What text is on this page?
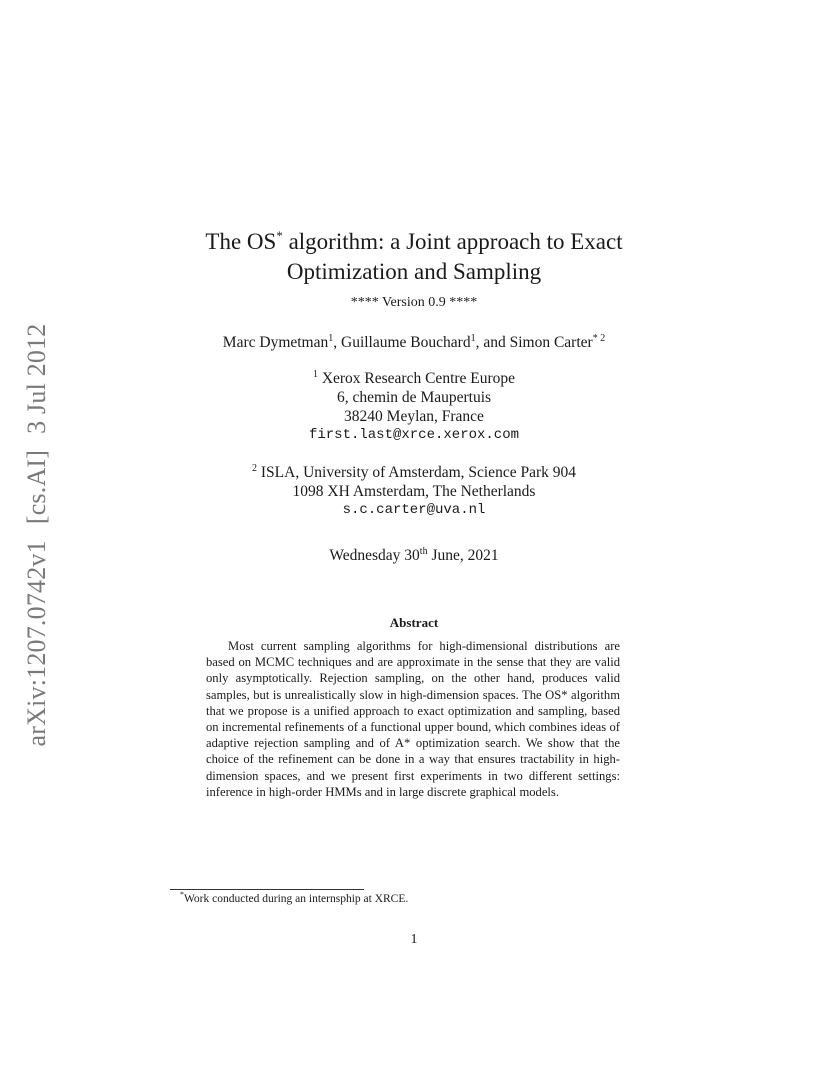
arXiv:1207.0742v1[cs.AI]3 Jul 2012
The OS* algorithm: a Joint approach to Exact
Optimization and Sampling
**** Version 0.9 ****
Marc Dymetman$^1$, Guillaume Bouchard$^1$, and Simon Carter$^{* 2}$
$^1$ Xerox Research Centre Europe
6, chemin de Maupertuis
38240 Meylan, France
first.last@xrce.xerox.com
$^2$ ISLA, University of Amsterdam, Science Park 904
1098 XH Amsterdam, The Netherlands
s.c.carter@uva.nl
Wednesday 30th June, 2021
Abstract

Most current sampling algorithms for high-dimensional distributions are based on MCMC techniques and are approximate in the sense that they are valid only asymptotically. Rejection sampling, on the other hand, produces valid samples, but is unrealistically slow in high-dimension spaces. The OS* algorithm that we propose is a unified approach to exact optimization and sampling, based on incremental refinements of a functional upper bound, which combines ideas of adaptive rejection sampling and of A* optimization search. We show that the choice of the refinement can be done in a way that ensures tractability in high-dimension spaces, and we present first experiments in two different settings: inference in high-order HMMs and in large discrete graphical models.

*Work conducted during an internsphip at XRCE.
1
